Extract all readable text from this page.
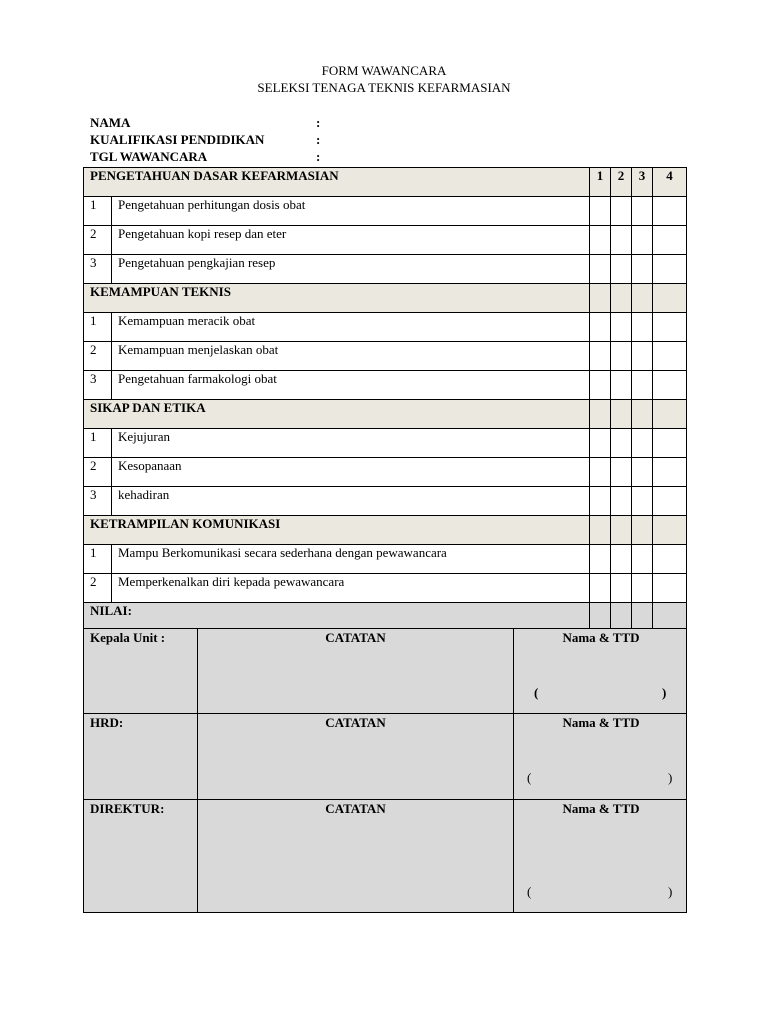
FORM WAWANCARA
SELEKSI TENAGA TEKNIS KEFARMASIAN
NAMA	:
KUALIFIKASI PENDIDIKAN	:
TGL WAWANCARA	:
PENGETAHUAN DASAR KEFARMASIAN		1	2	3	4
1	Pengetahuan perhitungan dosis obat				
2	Pengetahuan kopi resep dan eter				
3	Pengetahuan pengkajian resep				
KEMAMPUAN TEKNIS					
1	Kemampuan meracik obat				
2	Kemampuan menjelaskan obat				
3	Pengetahuan farmakologi obat				
SIKAP DAN ETIKA					
1	Kejujuran				
2	Kesopanaan				
3	kehadiran				
KETRAMPILAN KOMUNIKASI					
1	Mampu Berkomunikasi secara sederhana dengan pewawancara				
2	Memperkenalkan diri kepada pewawancara				
NILAI:					
Kepala Unit :	CATATAN	Nama & TTD
( )

HRD:	CATATAN	Nama & TTD
( )

DIREKTUR:	CATATAN	Nama & TTD
( )
